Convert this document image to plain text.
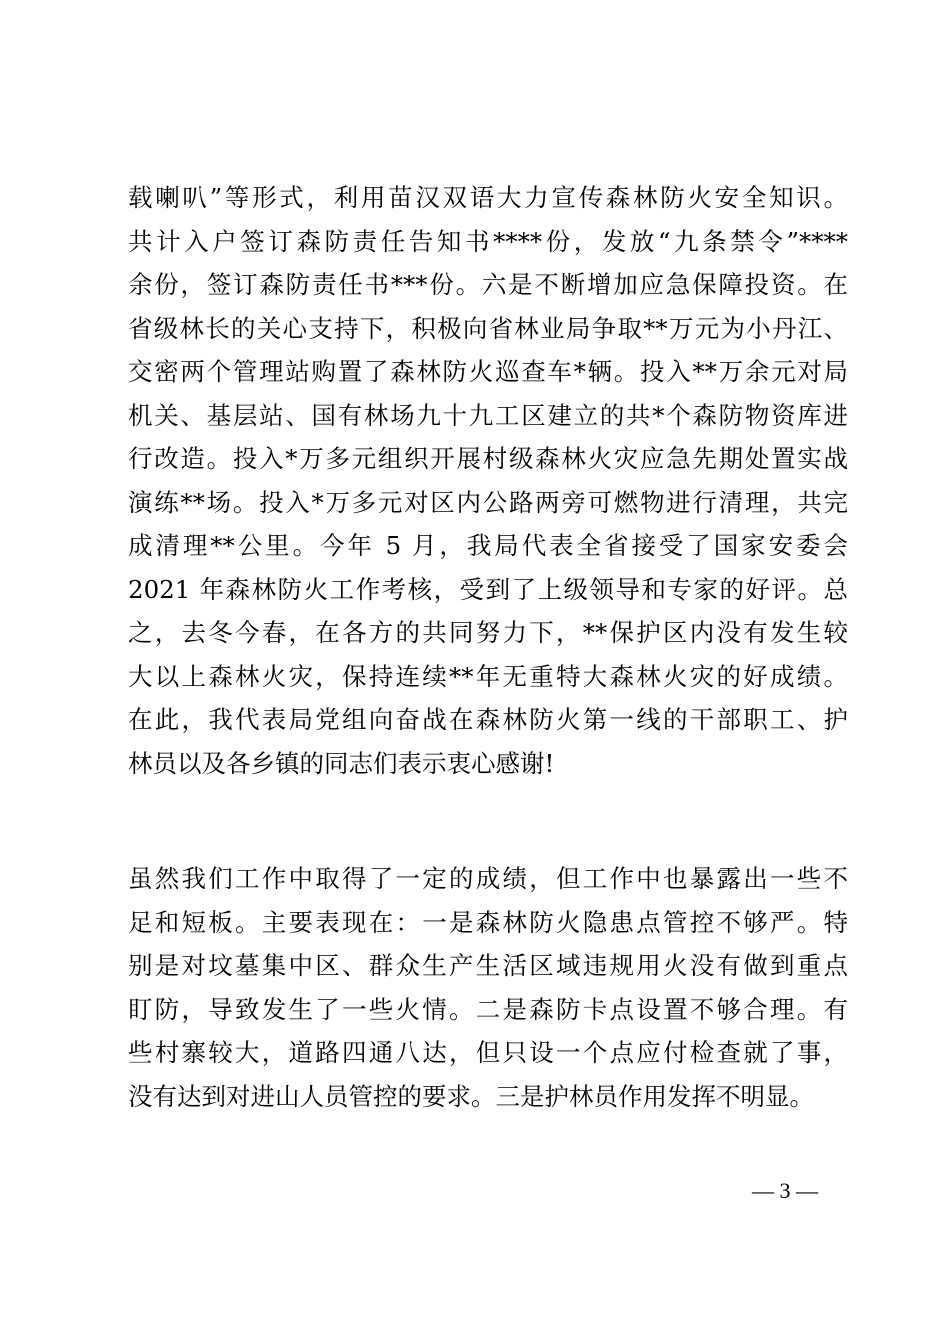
载喇叭”等形式，利用苗汉双语大力宣传森林防火安全知识。
共计入户签订森防责任告知书****份，发放“九条禁令”****
余份，签订森防责任书***份。六是不断增加应急保障投资。在
省级林长的关心支持下，积极向省林业局争取**万元为小丹江、
交密两个管理站购置了森林防火巡查车*辆。投入**万余元对局
机关、基层站、国有林场九十九工区建立的共*个森防物资库进
行改造。投入*万多元组织开展村级森林火灾应急先期处置实战
演练**场。投入*万多元对区内公路两旁可燃物进行清理，共完
成清理**公里。今年 5 月，我局代表全省接受了国家安委会
2021 年森林防火工作考核，受到了上级领导和专家的好评。总
之，去冬今春，在各方的共同努力下，**保护区内没有发生较
大以上森林火灾，保持连续**年无重特大森林火灾的好成绩。
在此，我代表局党组向奋战在森林防火第一线的干部职工、护
林员以及各乡镇的同志们表示衷心感谢!
虽然我们工作中取得了一定的成绩，但工作中也暴露出一些不
足和短板。主要表现在：一是森林防火隐患点管控不够严。特
别是对坟墓集中区、群众生产生活区域违规用火没有做到重点
盯防，导致发生了一些火情。二是森防卡点设置不够合理。有
些村寨较大，道路四通八达，但只设一个点应付检查就了事，
没有达到对进山人员管控的要求。三是护林员作用发挥不明显。
— 3 —
